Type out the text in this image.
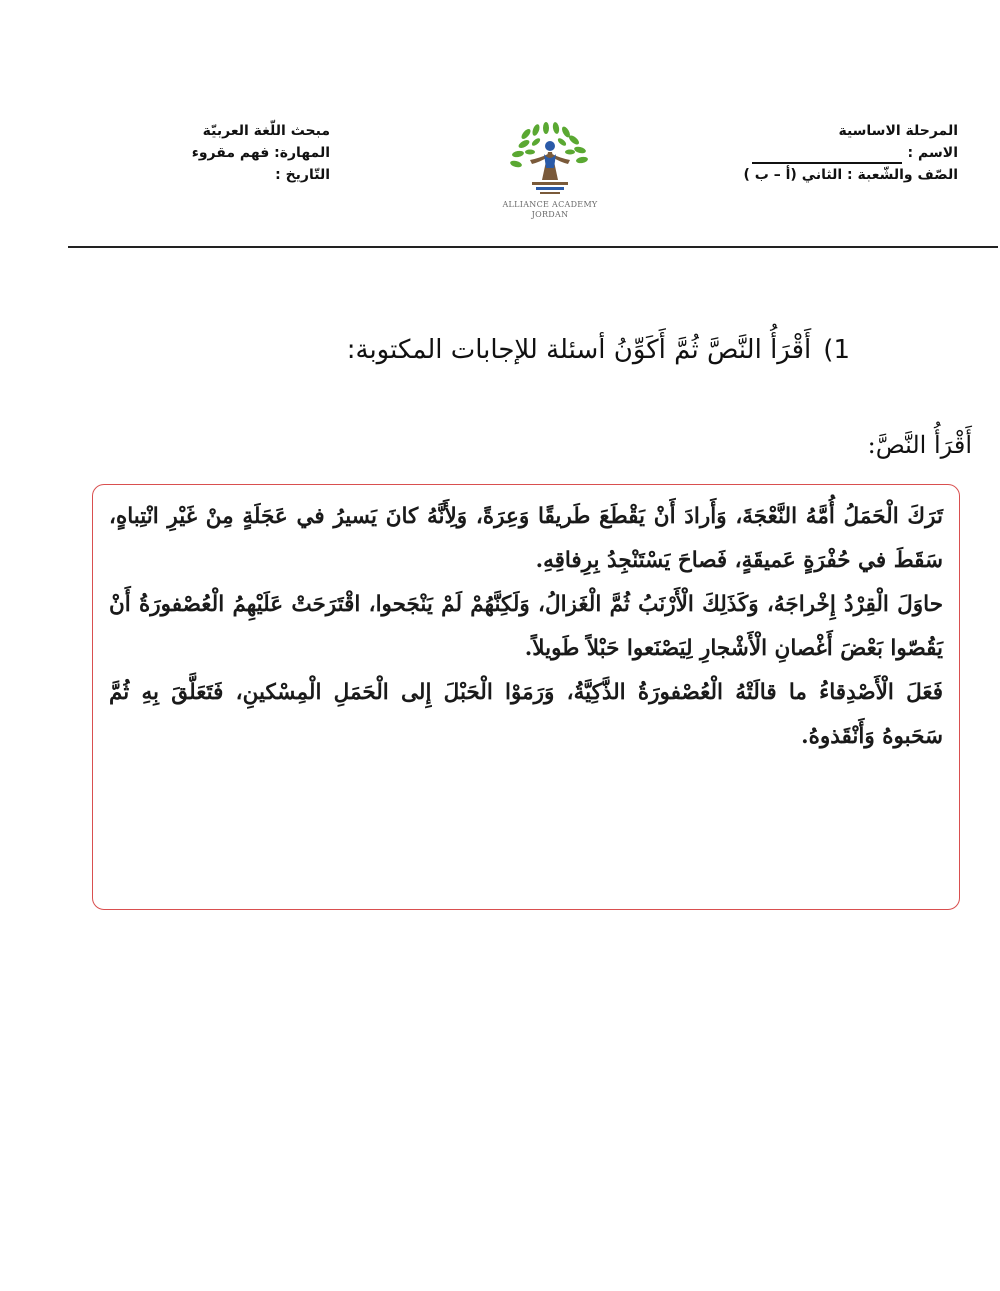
المرحلة الاساسية
الاسم :
الصّف والشّعبة : الثاني (أ – ب )
ALLIANCE ACADEMY
JORDAN
مبحث اللّغة العربيّة
المهارة: فهم مقروء
التّاريخ :
1)أَقْرَأُ النَّصَّ ثُمَّ أَكَوِّنُ أسئلة للإجابات المكتوبة:
أَقْرَأُ النَّصَّ:

تَرَكَ الْحَمَلُ أُمَّهُ النَّعْجَةَ، وَأَرادَ أَنْ يَقْطَعَ طَريقًا وَعِرَةً، وَلِأَنَّهُ كانَ يَسيرُ في عَجَلَةٍ مِنْ غَيْرِ انْتِباهٍ، سَقَطَ في حُفْرَةٍ عَميقَةٍ، فَصاحَ يَسْتَنْجِدُ بِرِفاقِهِ.

حاوَلَ الْقِرْدُ إِخْراجَهُ، وَكَذَلِكَ الْأَرْنَبُ ثُمَّ الْغَزالُ، وَلَكِنَّهُمْ لَمْ يَنْجَحوا، اقْتَرَحَتْ عَلَيْهِمُ الْعُصْفورَةُ أَنْ يَقُصّوا بَعْضَ أَغْصانِ الْأَشْجارِ لِيَصْنَعوا حَبْلاً طَويلاً.

فَعَلَ الْأَصْدِقاءُ ما قالَتْهُ الْعُصْفورَةُ الذَّكِيَّةُ، وَرَمَوْا الْحَبْلَ إِلى الْحَمَلِ الْمِسْكينِ، فَتَعَلَّقَ بِهِ ثُمَّ سَحَبوهُ وَأَنْقَذوهُ.
